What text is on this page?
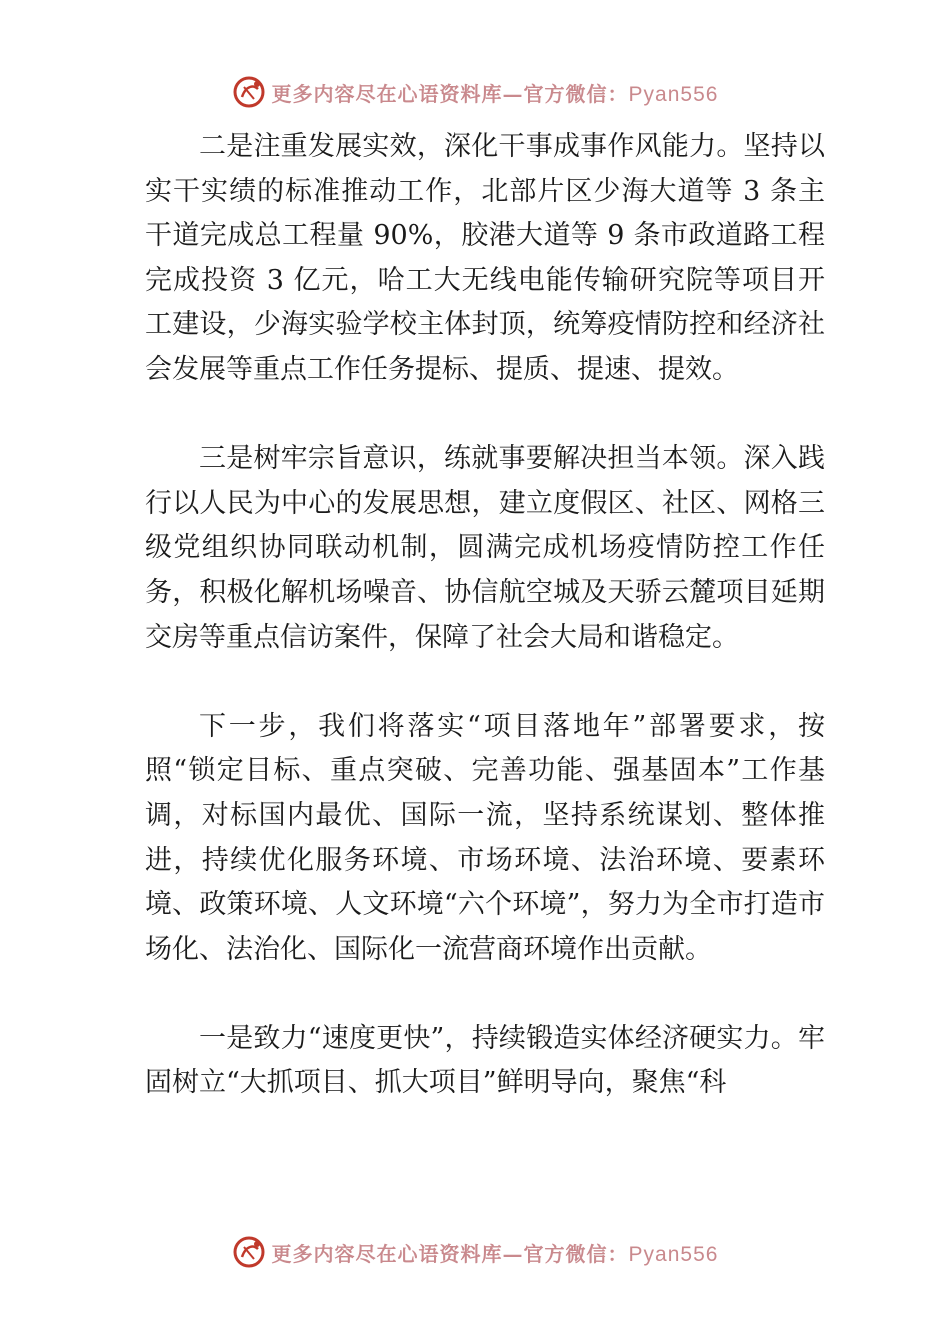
更多内容尽在心语资料库—官方微信：Pyan556

二是注重发展实效，深化干事成事作风能力。坚持以实干实绩的标准推动工作，北部片区少海大道等 3 条主干道完成总工程量 90%，胶港大道等 9 条市政道路工程完成投资 3 亿元，哈工大无线电能传输研究院等项目开工建设，少海实验学校主体封顶，统筹疫情防控和经济社会发展等重点工作任务提标、提质、提速、提效。

三是树牢宗旨意识，练就事要解决担当本领。深入践行以人民为中心的发展思想，建立度假区、社区、网格三级党组织协同联动机制，圆满完成机场疫情防控工作任务，积极化解机场噪音、协信航空城及天骄云麓项目延期交房等重点信访案件，保障了社会大局和谐稳定。

下一步，我们将落实“项目落地年”部署要求，按照“锁定目标、重点突破、完善功能、强基固本”工作基调，对标国内最优、国际一流，坚持系统谋划、整体推进，持续优化服务环境、市场环境、法治环境、要素环境、政策环境、人文环境“六个环境”，努力为全市打造市场化、法治化、国际化一流营商环境作出贡献。

一是致力“速度更快”，持续锻造实体经济硬实力。牢固树立“大抓项目、抓大项目”鲜明导向，聚焦“科

更多内容尽在心语资料库—官方微信：Pyan556
